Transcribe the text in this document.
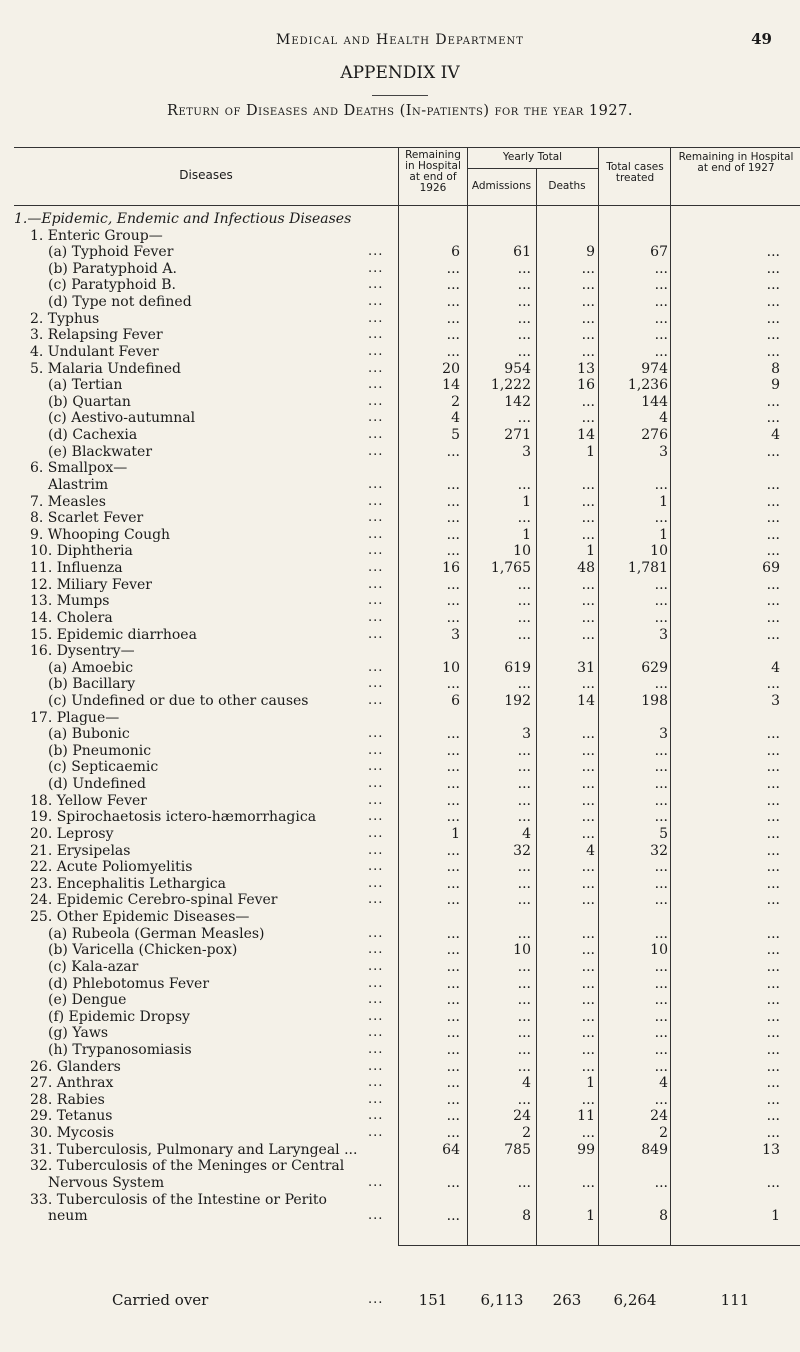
Medical and Health Department	49
APPENDIX IV
Return of Diseases and Deaths (In-patients) for the year 1927.
Diseases
Remaining in Hospital at end of 1926
Yearly Total
Admissions	Deaths
Total cases treated
Remaining in Hospital at end of 1927
1.—Epidemic, Endemic and Infectious Diseases
1. Enteric Group—
(a) Typhoid Fever	...	6	61	9	67	...
(b) Paratyphoid A.	...	...	...	...	...	...
(c) Paratyphoid B.	...	...	...	...	...	...
(d) Type not defined	...	...	...	...	...	...
2. Typhus	...	...	...	...	...	...
3. Relapsing Fever	...	...	...	...	...	...
4. Undulant Fever	...	...	...	...	...	...
5. Malaria Undefined	...	20	954	13	974	8
(a) Tertian	...	14	1,222	16	1,236	9
(b) Quartan	...	2	142	...	144	...
(c) Aestivo-autumnal	...	4	...	...	4	...
(d) Cachexia	...	5	271	14	276	4
(e) Blackwater	...	...	3	1	3	...
6. Smallpox—
Alastrim	...	...	...	...	...	...
7. Measles	...	...	1	...	1	...
8. Scarlet Fever	...	...	...	...	...	...
9. Whooping Cough	...	...	1	...	1	...
10. Diphtheria	...	...	10	1	10	...
11. Influenza	...	16	1,765	48	1,781	69
12. Miliary Fever	...	...	...	...	...	...
13. Mumps	...	...	...	...	...	...
14. Cholera	...	...	...	...	...	...
15. Epidemic diarrhoea	...	3	...	...	3	...
16. Dysentry—
(a) Amoebic	...	10	619	31	629	4
(b) Bacillary	...	...	...	...	...	...
(c) Undefined or due to other causes	...	6	192	14	198	3
17. Plague—
(a) Bubonic	...	...	3	...	3	...
(b) Pneumonic	...	...	...	...	...	...
(c) Septicaemic	...	...	...	...	...	...
(d) Undefined	...	...	...	...	...	...
18. Yellow Fever	...	...	...	...	...	...
19. Spirochaetosis ictero-hæmorrhagica	...	...	...	...	...	...
20. Leprosy	...	1	4	...	5	...
21. Erysipelas	...	...	32	4	32	...
22. Acute Poliomyelitis	...	...	...	...	...	...
23. Encephalitis Lethargica	...	...	...	...	...	...
24. Epidemic Cerebro-spinal Fever	...	...	...	...	...	...
25. Other Epidemic Diseases—
(a) Rubeola (German Measles)	...	...	...	...	...	...
(b) Varicella (Chicken-pox)	...	...	10	...	10	...
(c) Kala-azar	...	...	...	...	...	...
(d) Phlebotomus Fever	...	...	...	...	...	...
(e) Dengue	...	...	...	...	...	...
(f) Epidemic Dropsy	...	...	...	...	...	...
(g) Yaws	...	...	...	...	...	...
(h) Trypanosomiasis	...	...	...	...	...	...
26. Glanders	...	...	...	...	...	...
27. Anthrax	...	...	4	1	4	...
28. Rabies	...	...	...	...	...	...
29. Tetanus	...	...	24	11	24	...
30. Mycosis	...	...	2	...	2	...
31. Tuberculosis, Pulmonary and Laryngeal ...	64	785	99	849	13
32. Tuberculosis of the Meninges or Central
Nervous System	...	...	...	...	...	...
33. Tuberculosis of the Intestine or Perito
neum	...	...	8	1	8	1
Carried over	...	151	6,113	263	6,264	111
